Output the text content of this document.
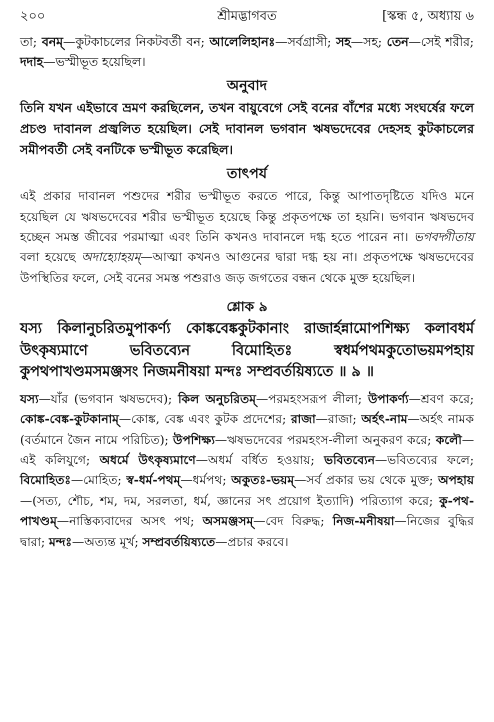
২০০	শ্রীমদ্ভাগবত	[স্কন্ধ ৫, অধ্যায় ৬

তা; বনম্—কুটকাচলের নিকটবর্তী বন; আলেলিহানঃ—সর্বগ্রাসী; সহ—সহ; তেন—সেই শরীর; দদাহ—ভস্মীভূত হয়েছিল।

অনুবাদ

তিনি যখন এইভাবে ভ্রমণ করছিলেন, তখন বায়ুবেগে সেই বনের বাঁশের মধ্যে সংঘর্ষের ফলে প্রচণ্ড দাবানল প্রজ্বলিত হয়েছিল। সেই দাবানল ভগবান ঋষভদেবের দেহসহ কুটকাচলের সমীপবর্তী সেই বনটিকে ভস্মীভূত করেছিল।

তাৎপর্য

এই প্রকার দাবানল পশুদের শরীর ভস্মীভূত করতে পারে, কিন্তু আপাতদৃষ্টিতে যদিও মনে হয়েছিল যে ঋষভদেবের শরীর ভস্মীভূত হয়েছে কিন্তু প্রকৃতপক্ষে তা হয়নি। ভগবান ঋষভদেব হচ্ছেন সমস্ত জীবের পরমাত্মা এবং তিনি কখনও দাবানলে দগ্ধ হতে পারেন না। ভগবদ্গীতায় বলা হয়েছে অদাহ্যোহয়ম্—আত্মা কখনও আগুনের দ্বারা দগ্ধ হয় না। প্রকৃতপক্ষে ঋষভদেবের উপস্থিতির ফলে, সেই বনের সমস্ত পশুরাও জড় জগতের বন্ধন থেকে মুক্ত হয়েছিল।

শ্লোক ৯

যস্য কিলানুচরিতমুপাকর্ণ্য কোঙ্কবেঙ্ককুটকানাং রাজার্হন্নামোপশিক্ষ্য কলাবধর্ম উৎকৃষ্যমাণে ভবিতব্যেন বিমোহিতঃ স্বধর্মপথমকুতোভয়মপহায় কুপথপাখণ্ডমসমঞ্জসং নিজমনীষয়া মন্দঃ সম্প্রবর্তয়িষ্যতে ॥ ৯ ॥

যস্য—যাঁর (ভগবান ঋষভদেব); কিল অনুচরিতম্—পরমহংসরূপ লীলা; উপাকর্ণ্য—শ্রবণ করে; কোঙ্ক-বেঙ্ক-কুটকানাম্—কোঙ্ক, বেঙ্ক এবং কুটক প্রদেশের; রাজা—রাজা; অর্হৎ-নাম—অর্হৎ নামক (বর্তমানে জৈন নামে পরিচিত); উপশিক্ষ্য—ঋষভদেবের পরমহংস-লীলা অনুকরণ করে; কলৌ—এই কলিযুগে; অধর্মে উৎকৃষ্যমাণে—অধর্ম বর্ধিত হওয়ায়; ভবিতব্যেন—ভবিতব্যের ফলে; বিমোহিতঃ—মোহিত; স্ব-ধর্ম-পথম্—ধর্মপথ; অকুতঃ-ভয়ম্—সর্ব প্রকার ভয় থেকে মুক্ত; অপহায়—(সত্য, শৌচ, শম, দম, সরলতা, ধর্ম, জ্ঞানের সৎ প্রয়োগ ইত্যাদি) পরিত্যাগ করে; কু-পথ-পাখণ্ডম্—নাস্তিক্যবাদের অসৎ পথ; অসমঞ্জসম্—বেদ বিরুদ্ধ; নিজ-মনীষয়া—নিজের বুদ্ধির দ্বারা; মন্দঃ—অত্যন্ত মূর্খ; সম্প্রবর্তয়িষ্যতে—প্রচার করবে।
